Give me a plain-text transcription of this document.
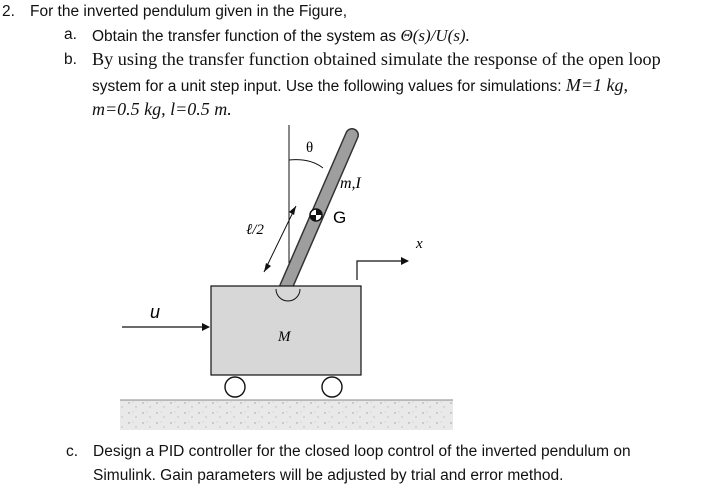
2. For the inverted pendulum given in the Figure,
a. Obtain the transfer function of the system as Θ(s)/U(s).
b. By using the transfer function obtained simulate the response of the open loop
system for a unit step input. Use the following values for simulations: M=1 kg,
m=0.5 kg, l=0.5 m.
θ
m,I
G
ℓ/2
x
u
M
c. Design a PID controller for the closed loop control of the inverted pendulum on
Simulink. Gain parameters will be adjusted by trial and error method.
